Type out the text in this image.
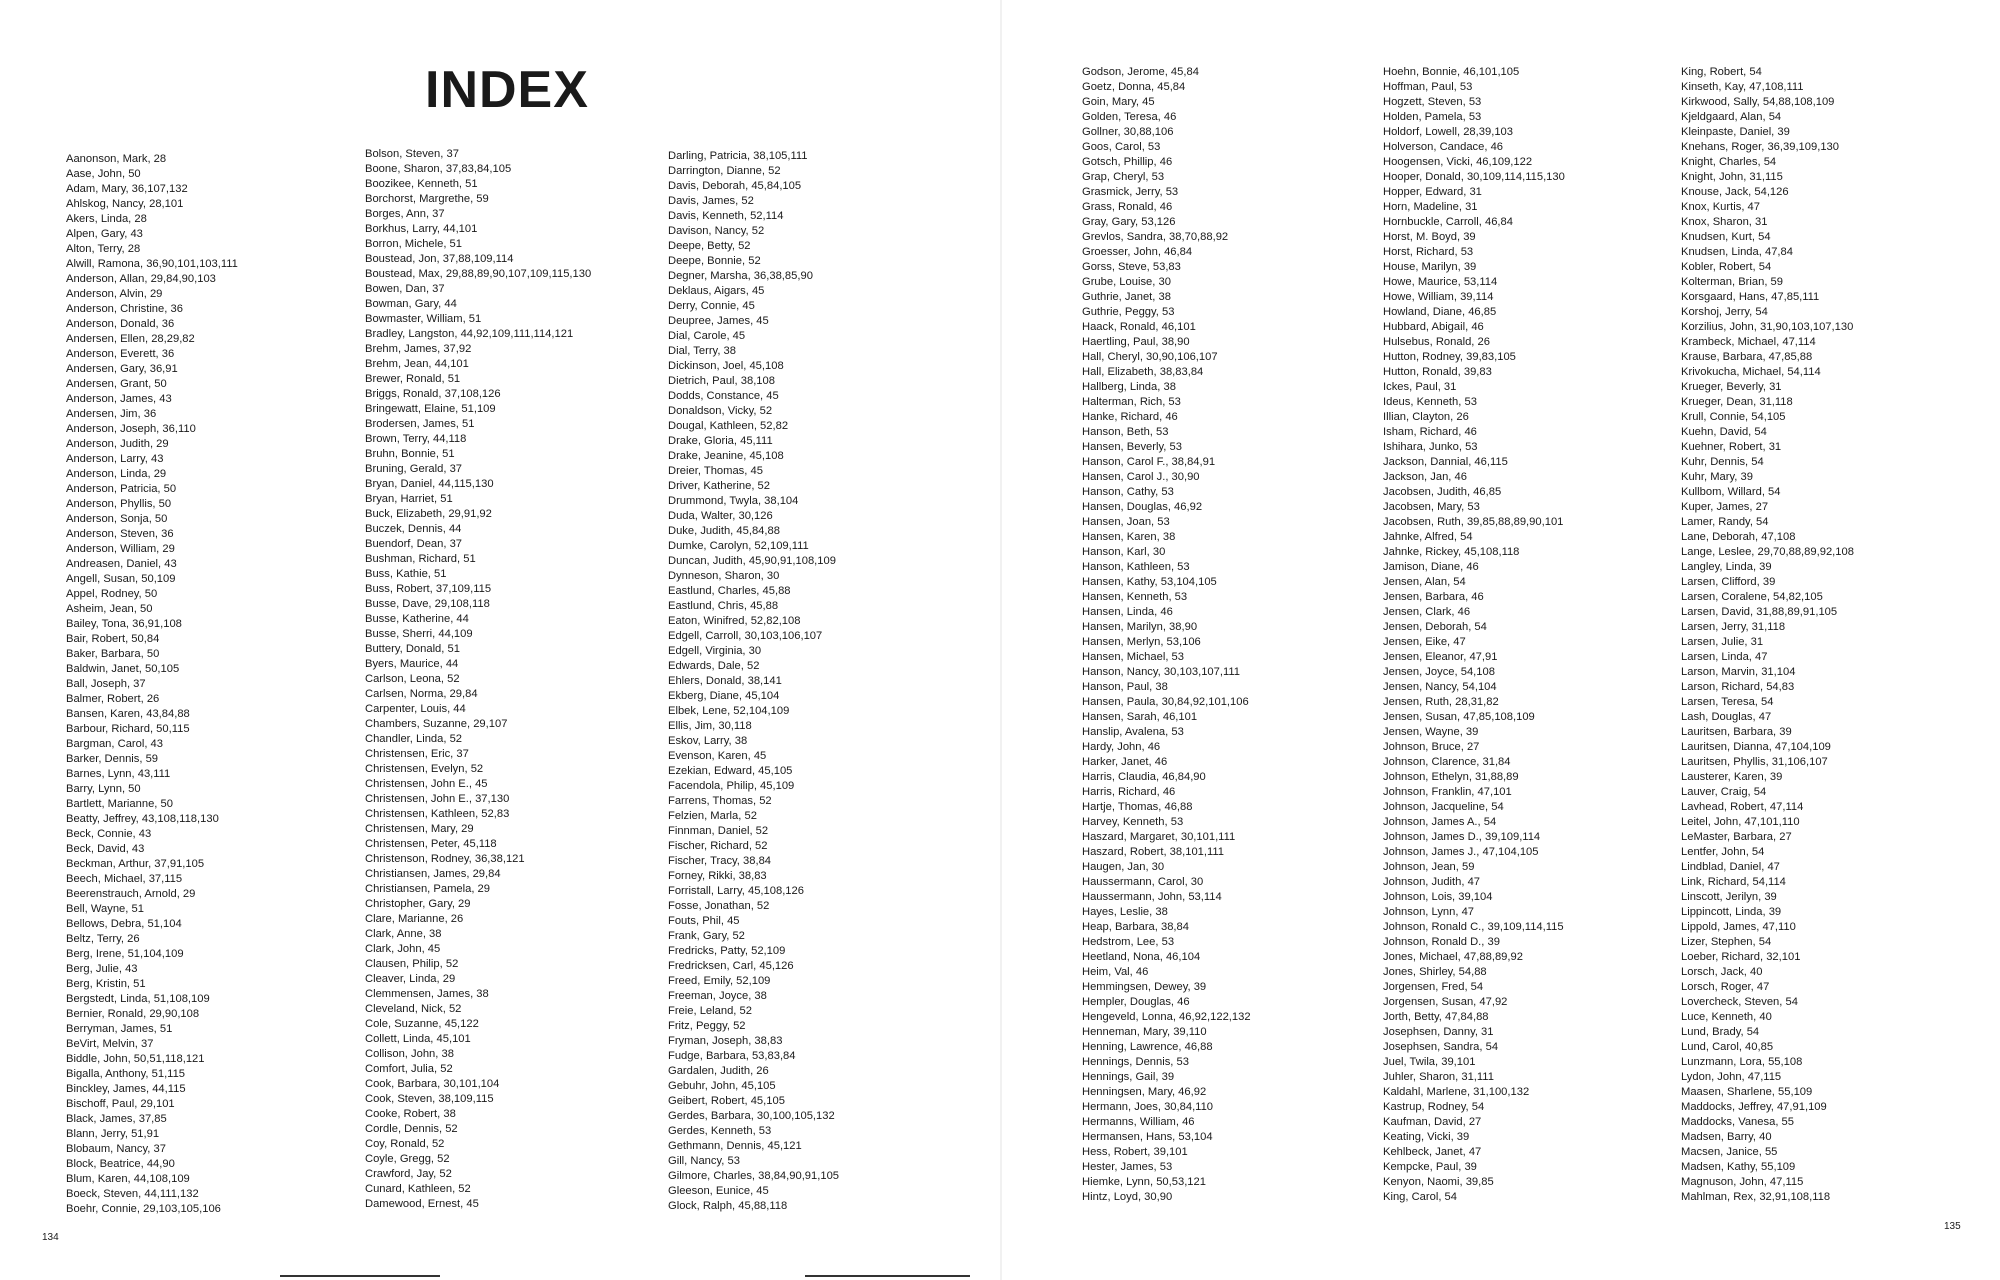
INDEX
Aanonson, Mark, 28
Aase, John, 50
Adam, Mary, 36,107,132
Ahlskog, Nancy, 28,101
Akers, Linda, 28
Alpen, Gary, 43
Alton, Terry, 28
Alwill, Ramona, 36,90,101,103,111
Anderson, Allan, 29,84,90,103
Anderson, Alvin, 29
Anderson, Christine, 36
Anderson, Donald, 36
Andersen, Ellen, 28,29,82
Anderson, Everett, 36
Andersen, Gary, 36,91
Andersen, Grant, 50
Anderson, James, 43
Andersen, Jim, 36
Anderson, Joseph, 36,110
Anderson, Judith, 29
Anderson, Larry, 43
Anderson, Linda, 29
Anderson, Patricia, 50
Anderson, Phyllis, 50
Anderson, Sonja, 50
Anderson, Steven, 36
Anderson, William, 29
Andreasen, Daniel, 43
Angell, Susan, 50,109
Appel, Rodney, 50
Asheim, Jean, 50
Bailey, Tona, 36,91,108
Bair, Robert, 50,84
Baker, Barbara, 50
Baldwin, Janet, 50,105
Ball, Joseph, 37
Balmer, Robert, 26
Bansen, Karen, 43,84,88
Barbour, Richard, 50,115
Bargman, Carol, 43
Barker, Dennis, 59
Barnes, Lynn, 43,111
Barry, Lynn, 50
Bartlett, Marianne, 50
Beatty, Jeffrey, 43,108,118,130
Beck, Connie, 43
Beck, David, 43
Beckman, Arthur, 37,91,105
Beech, Michael, 37,115
Beerenstrauch, Arnold, 29
Bell, Wayne, 51
Bellows, Debra, 51,104
Beltz, Terry, 26
Berg, Irene, 51,104,109
Berg, Julie, 43
Berg, Kristin, 51
Bergstedt, Linda, 51,108,109
Bernier, Ronald, 29,90,108
Berryman, James, 51
BeVirt, Melvin, 37
Biddle, John, 50,51,118,121
Bigalla, Anthony, 51,115
Binckley, James, 44,115
Bischoff, Paul, 29,101
Black, James, 37,85
Blann, Jerry, 51,91
Blobaum, Nancy, 37
Block, Beatrice, 44,90
Blum, Karen, 44,108,109
Boeck, Steven, 44,111,132
Boehr, Connie, 29,103,105,106
Bolson, Steven, 37
Boone, Sharon, 37,83,84,105
Boozikee, Kenneth, 51
Borchorst, Margrethe, 59
Borges, Ann, 37
Borkhus, Larry, 44,101
Borron, Michele, 51
Boustead, Jon, 37,88,109,114
Boustead, Max, 29,88,89,90,107,109,115,130
Bowen, Dan, 37
Bowman, Gary, 44
Bowmaster, William, 51
Bradley, Langston, 44,92,109,111,114,121
Brehm, James, 37,92
Brehm, Jean, 44,101
Brewer, Ronald, 51
Briggs, Ronald, 37,108,126
Bringewatt, Elaine, 51,109
Brodersen, James, 51
Brown, Terry, 44,118
Bruhn, Bonnie, 51
Bruning, Gerald, 37
Bryan, Daniel, 44,115,130
Bryan, Harriet, 51
Buck, Elizabeth, 29,91,92
Buczek, Dennis, 44
Buendorf, Dean, 37
Bushman, Richard, 51
Buss, Kathie, 51
Buss, Robert, 37,109,115
Busse, Dave, 29,108,118
Busse, Katherine, 44
Busse, Sherri, 44,109
Buttery, Donald, 51
Byers, Maurice, 44
Carlson, Leona, 52
Carlsen, Norma, 29,84
Carpenter, Louis, 44
Chambers, Suzanne, 29,107
Chandler, Linda, 52
Christensen, Eric, 37
Christensen, Evelyn, 52
Christensen, John E., 45
Christensen, John E., 37,130
Christensen, Kathleen, 52,83
Christensen, Mary, 29
Christensen, Peter, 45,118
Christenson, Rodney, 36,38,121
Christiansen, James, 29,84
Christiansen, Pamela, 29
Christopher, Gary, 29
Clare, Marianne, 26
Clark, Anne, 38
Clark, John, 45
Clausen, Philip, 52
Cleaver, Linda, 29
Clemmensen, James, 38
Cleveland, Nick, 52
Cole, Suzanne, 45,122
Collett, Linda, 45,101
Collison, John, 38
Comfort, Julia, 52
Cook, Barbara, 30,101,104
Cook, Steven, 38,109,115
Cooke, Robert, 38
Cordle, Dennis, 52
Coy, Ronald, 52
Coyle, Gregg, 52
Crawford, Jay, 52
Cunard, Kathleen, 52
Damewood, Ernest, 45
Darling, Patricia, 38,105,111
Darrington, Dianne, 52
Davis, Deborah, 45,84,105
Davis, James, 52
Davis, Kenneth, 52,114
Davison, Nancy, 52
Deepe, Betty, 52
Deepe, Bonnie, 52
Degner, Marsha, 36,38,85,90
Deklaus, Aigars, 45
Derry, Connie, 45
Deupree, James, 45
Dial, Carole, 45
Dial, Terry, 38
Dickinson, Joel, 45,108
Dietrich, Paul, 38,108
Dodds, Constance, 45
Donaldson, Vicky, 52
Dougal, Kathleen, 52,82
Drake, Gloria, 45,111
Drake, Jeanine, 45,108
Dreier, Thomas, 45
Driver, Katherine, 52
Drummond, Twyla, 38,104
Duda, Walter, 30,126
Duke, Judith, 45,84,88
Dumke, Carolyn, 52,109,111
Duncan, Judith, 45,90,91,108,109
Dynneson, Sharon, 30
Eastlund, Charles, 45,88
Eastlund, Chris, 45,88
Eaton, Winifred, 52,82,108
Edgell, Carroll, 30,103,106,107
Edgell, Virginia, 30
Edwards, Dale, 52
Ehlers, Donald, 38,141
Ekberg, Diane, 45,104
Elbek, Lene, 52,104,109
Ellis, Jim, 30,118
Eskov, Larry, 38
Evenson, Karen, 45
Ezekian, Edward, 45,105
Facendola, Philip, 45,109
Farrens, Thomas, 52
Felzien, Marla, 52
Finnman, Daniel, 52
Fischer, Richard, 52
Fischer, Tracy, 38,84
Forney, Rikki, 38,83
Forristall, Larry, 45,108,126
Fosse, Jonathan, 52
Fouts, Phil, 45
Frank, Gary, 52
Fredricks, Patty, 52,109
Fredricksen, Carl, 45,126
Freed, Emily, 52,109
Freeman, Joyce, 38
Freie, Leland, 52
Fritz, Peggy, 52
Fryman, Joseph, 38,83
Fudge, Barbara, 53,83,84
Gardalen, Judith, 26
Gebuhr, John, 45,105
Geibert, Robert, 45,105
Gerdes, Barbara, 30,100,105,132
Gerdes, Kenneth, 53
Gethmann, Dennis, 45,121
Gill, Nancy, 53
Gilmore, Charles, 38,84,90,91,105
Gleeson, Eunice, 45
Glock, Ralph, 45,88,118
134
Godson, Jerome, 45,84
Goetz, Donna, 45,84
Goin, Mary, 45
Golden, Teresa, 46
Gollner, 30,88,106
Goos, Carol, 53
Gotsch, Phillip, 46
Grap, Cheryl, 53
Grasmick, Jerry, 53
Grass, Ronald, 46
Gray, Gary, 53,126
Grevlos, Sandra, 38,70,88,92
Groesser, John, 46,84
Gorss, Steve, 53,83
Grube, Louise, 30
Guthrie, Janet, 38
Guthrie, Peggy, 53
Haack, Ronald, 46,101
Haertling, Paul, 38,90
Hall, Cheryl, 30,90,106,107
Hall, Elizabeth, 38,83,84
Hallberg, Linda, 38
Halterman, Rich, 53
Hanke, Richard, 46
Hanson, Beth, 53
Hansen, Beverly, 53
Hanson, Carol F., 38,84,91
Hansen, Carol J., 30,90
Hanson, Cathy, 53
Hansen, Douglas, 46,92
Hansen, Joan, 53
Hansen, Karen, 38
Hanson, Karl, 30
Hanson, Kathleen, 53
Hansen, Kathy, 53,104,105
Hansen, Kenneth, 53
Hansen, Linda, 46
Hansen, Marilyn, 38,90
Hansen, Merlyn, 53,106
Hansen, Michael, 53
Hanson, Nancy, 30,103,107,111
Hanson, Paul, 38
Hansen, Paula, 30,84,92,101,106
Hansen, Sarah, 46,101
Hanslip, Avalena, 53
Hardy, John, 46
Harker, Janet, 46
Harris, Claudia, 46,84,90
Harris, Richard, 46
Hartje, Thomas, 46,88
Harvey, Kenneth, 53
Haszard, Margaret, 30,101,111
Haszard, Robert, 38,101,111
Haugen, Jan, 30
Haussermann, Carol, 30
Haussermann, John, 53,114
Hayes, Leslie, 38
Heap, Barbara, 38,84
Hedstrom, Lee, 53
Heetland, Nona, 46,104
Heim, Val, 46
Hemmingsen, Dewey, 39
Hempler, Douglas, 46
Hengeveld, Lonna, 46,92,122,132
Henneman, Mary, 39,110
Henning, Lawrence, 46,88
Hennings, Dennis, 53
Hennings, Gail, 39
Henningsen, Mary, 46,92
Hermann, Joes, 30,84,110
Hermanns, William, 46
Hermansen, Hans, 53,104
Hess, Robert, 39,101
Hester, James, 53
Hiemke, Lynn, 50,53,121
Hintz, Loyd, 30,90
Hoehn, Bonnie, 46,101,105
Hoffman, Paul, 53
Hogzett, Steven, 53
Holden, Pamela, 53
Holdorf, Lowell, 28,39,103
Holverson, Candace, 46
Hoogensen, Vicki, 46,109,122
Hooper, Donald, 30,109,114,115,130
Hopper, Edward, 31
Horn, Madeline, 31
Hornbuckle, Carroll, 46,84
Horst, M. Boyd, 39
Horst, Richard, 53
House, Marilyn, 39
Howe, Maurice, 53,114
Howe, William, 39,114
Howland, Diane, 46,85
Hubbard, Abigail, 46
Hulsebus, Ronald, 26
Hutton, Rodney, 39,83,105
Hutton, Ronald, 39,83
Ickes, Paul, 31
Ideus, Kenneth, 53
Illian, Clayton, 26
Isham, Richard, 46
Ishihara, Junko, 53
Jackson, Dannial, 46,115
Jackson, Jan, 46
Jacobsen, Judith, 46,85
Jacobsen, Mary, 53
Jacobsen, Ruth, 39,85,88,89,90,101
Jahnke, Alfred, 54
Jahnke, Rickey, 45,108,118
Jamison, Diane, 46
Jensen, Alan, 54
Jensen, Barbara, 46
Jensen, Clark, 46
Jensen, Deborah, 54
Jensen, Eike, 47
Jensen, Eleanor, 47,91
Jensen, Joyce, 54,108
Jensen, Nancy, 54,104
Jensen, Ruth, 28,31,82
Jensen, Susan, 47,85,108,109
Jensen, Wayne, 39
Johnson, Bruce, 27
Johnson, Clarence, 31,84
Johnson, Ethelyn, 31,88,89
Johnson, Franklin, 47,101
Johnson, Jacqueline, 54
Johnson, James A., 54
Johnson, James D., 39,109,114
Johnson, James J., 47,104,105
Johnson, Jean, 59
Johnson, Judith, 47
Johnson, Lois, 39,104
Johnson, Lynn, 47
Johnson, Ronald C., 39,109,114,115
Johnson, Ronald D., 39
Jones, Michael, 47,88,89,92
Jones, Shirley, 54,88
Jorgensen, Fred, 54
Jorgensen, Susan, 47,92
Jorth, Betty, 47,84,88
Josephsen, Danny, 31
Josephsen, Sandra, 54
Juel, Twila, 39,101
Juhler, Sharon, 31,111
Kaldahl, Marlene, 31,100,132
Kastrup, Rodney, 54
Kaufman, David, 27
Keating, Vicki, 39
Kehlbeck, Janet, 47
Kempcke, Paul, 39
Kenyon, Naomi, 39,85
King, Carol, 54
King, Robert, 54
Kinseth, Kay, 47,108,111
Kirkwood, Sally, 54,88,108,109
Kjeldgaard, Alan, 54
Kleinpaste, Daniel, 39
Knehans, Roger, 36,39,109,130
Knight, Charles, 54
Knight, John, 31,115
Knouse, Jack, 54,126
Knox, Kurtis, 47
Knox, Sharon, 31
Knudsen, Kurt, 54
Knudsen, Linda, 47,84
Kobler, Robert, 54
Kolterman, Brian, 59
Korsgaard, Hans, 47,85,111
Korshoj, Jerry, 54
Korzilius, John, 31,90,103,107,130
Krambeck, Michael, 47,114
Krause, Barbara, 47,85,88
Krivokucha, Michael, 54,114
Krueger, Beverly, 31
Krueger, Dean, 31,118
Krull, Connie, 54,105
Kuehn, David, 54
Kuehner, Robert, 31
Kuhr, Dennis, 54
Kuhr, Mary, 39
Kullbom, Willard, 54
Kuper, James, 27
Lamer, Randy, 54
Lane, Deborah, 47,108
Lange, Leslee, 29,70,88,89,92,108
Langley, Linda, 39
Larsen, Clifford, 39
Larsen, Coralene, 54,82,105
Larsen, David, 31,88,89,91,105
Larsen, Jerry, 31,118
Larsen, Julie, 31
Larsen, Linda, 47
Larson, Marvin, 31,104
Larson, Richard, 54,83
Larsen, Teresa, 54
Lash, Douglas, 47
Lauritsen, Barbara, 39
Lauritsen, Dianna, 47,104,109
Lauritsen, Phyllis, 31,106,107
Lausterer, Karen, 39
Lauver, Craig, 54
Lavhead, Robert, 47,114
Leitel, John, 47,101,110
LeMaster, Barbara, 27
Lentfer, John, 54
Lindblad, Daniel, 47
Link, Richard, 54,114
Linscott, Jerilyn, 39
Lippincott, Linda, 39
Lippold, James, 47,110
Lizer, Stephen, 54
Loeber, Richard, 32,101
Lorsch, Jack, 40
Lorsch, Roger, 47
Lovercheck, Steven, 54
Luce, Kenneth, 40
Lund, Brady, 54
Lund, Carol, 40,85
Lunzmann, Lora, 55,108
Lydon, John, 47,115
Maasen, Sharlene, 55,109
Maddocks, Jeffrey, 47,91,109
Maddocks, Vanesa, 55
Madsen, Barry, 40
Macsen, Janice, 55
Madsen, Kathy, 55,109
Magnuson, John, 47,115
Mahlman, Rex, 32,91,108,118
135
